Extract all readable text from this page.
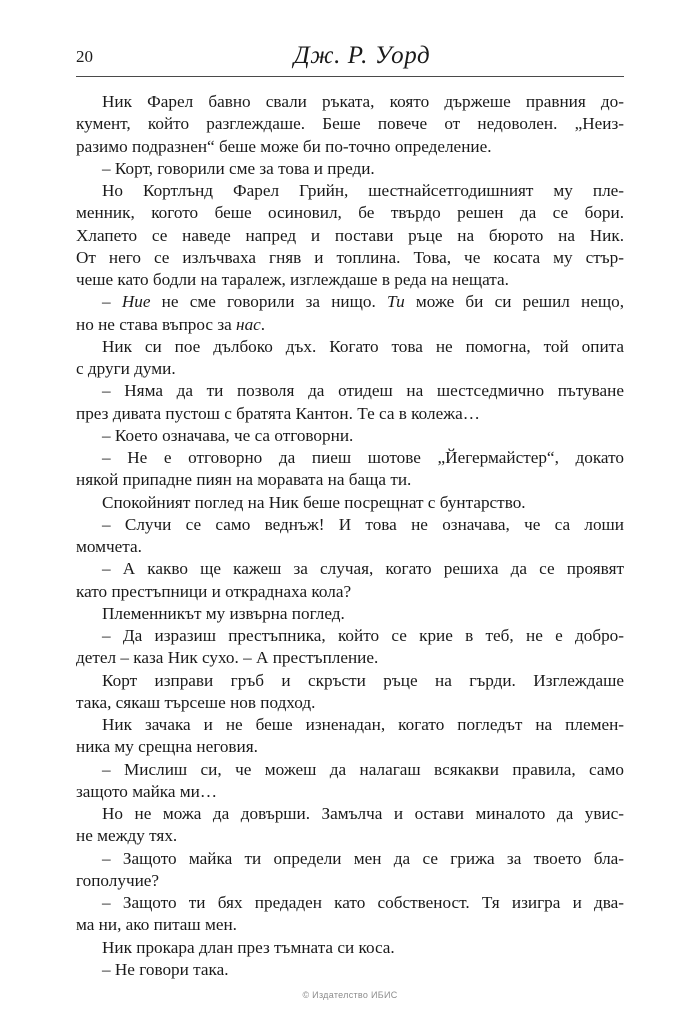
20	Дж. Р. Уорд
Ник Фарел бавно свали ръката, която държеше правния до-
кумент, който разглеждаше. Беше повече от недоволен. „Неиз-
разимо подразнен“ беше може би по-точно определение.
– Корт, говорили сме за това и преди.
Но Кортлънд Фарел Грийн, шестнайсетгодишният му пле-
менник, когото беше осиновил, бе твърдо решен да се бори.
Хлапето се наведе напред и постави ръце на бюрото на Ник.
От него се излъчваха гняв и топлина. Това, че косата му стър-
чеше като бодли на таралеж, изглеждаше в реда на нещата.
– Ние не сме говорили за нищо. Ти може би си решил нещо,
но не става въпрос за нас.
Ник си пое дълбоко дъх. Когато това не помогна, той опита
с други думи.
– Няма да ти позволя да отидеш на шестседмично пътуване
през дивата пустош с братята Кантон. Те са в колежа…
– Което означава, че са отговорни.
– Не е отговорно да пиеш шотове „Йегермайстер“, докато
някой припадне пиян на моравата на баща ти.
Спокойният поглед на Ник беше посрещнат с бунтарство.
– Случи се само веднъж! И това не означава, че са лоши
момчета.
– А какво ще кажеш за случая, когато решиха да се проявят
като престъпници и откраднаха кола?
Племенникът му извърна поглед.
– Да изразиш престъпника, който се крие в теб, не е добро-
детел – каза Ник сухо. – А престъпление.
Корт изправи гръб и скръсти ръце на гърди. Изглеждаше
така, сякаш търсеше нов подход.
Ник зачака и не беше изненадан, когато погледът на племен-
ника му срещна неговия.
– Мислиш си, че можеш да налагаш всякакви правила, само
защото майка ми…
Но не можа да довърши. Замълча и остави миналото да увис-
не между тях.
– Защото майка ти определи мен да се грижа за твоето бла-
гополучие?
– Защото ти бях предаден като собственост. Тя изигра и два-
ма ни, ако питаш мен.
Ник прокара длан през тъмната си коса.
– Не говори така.
© Издателство ИБИС
